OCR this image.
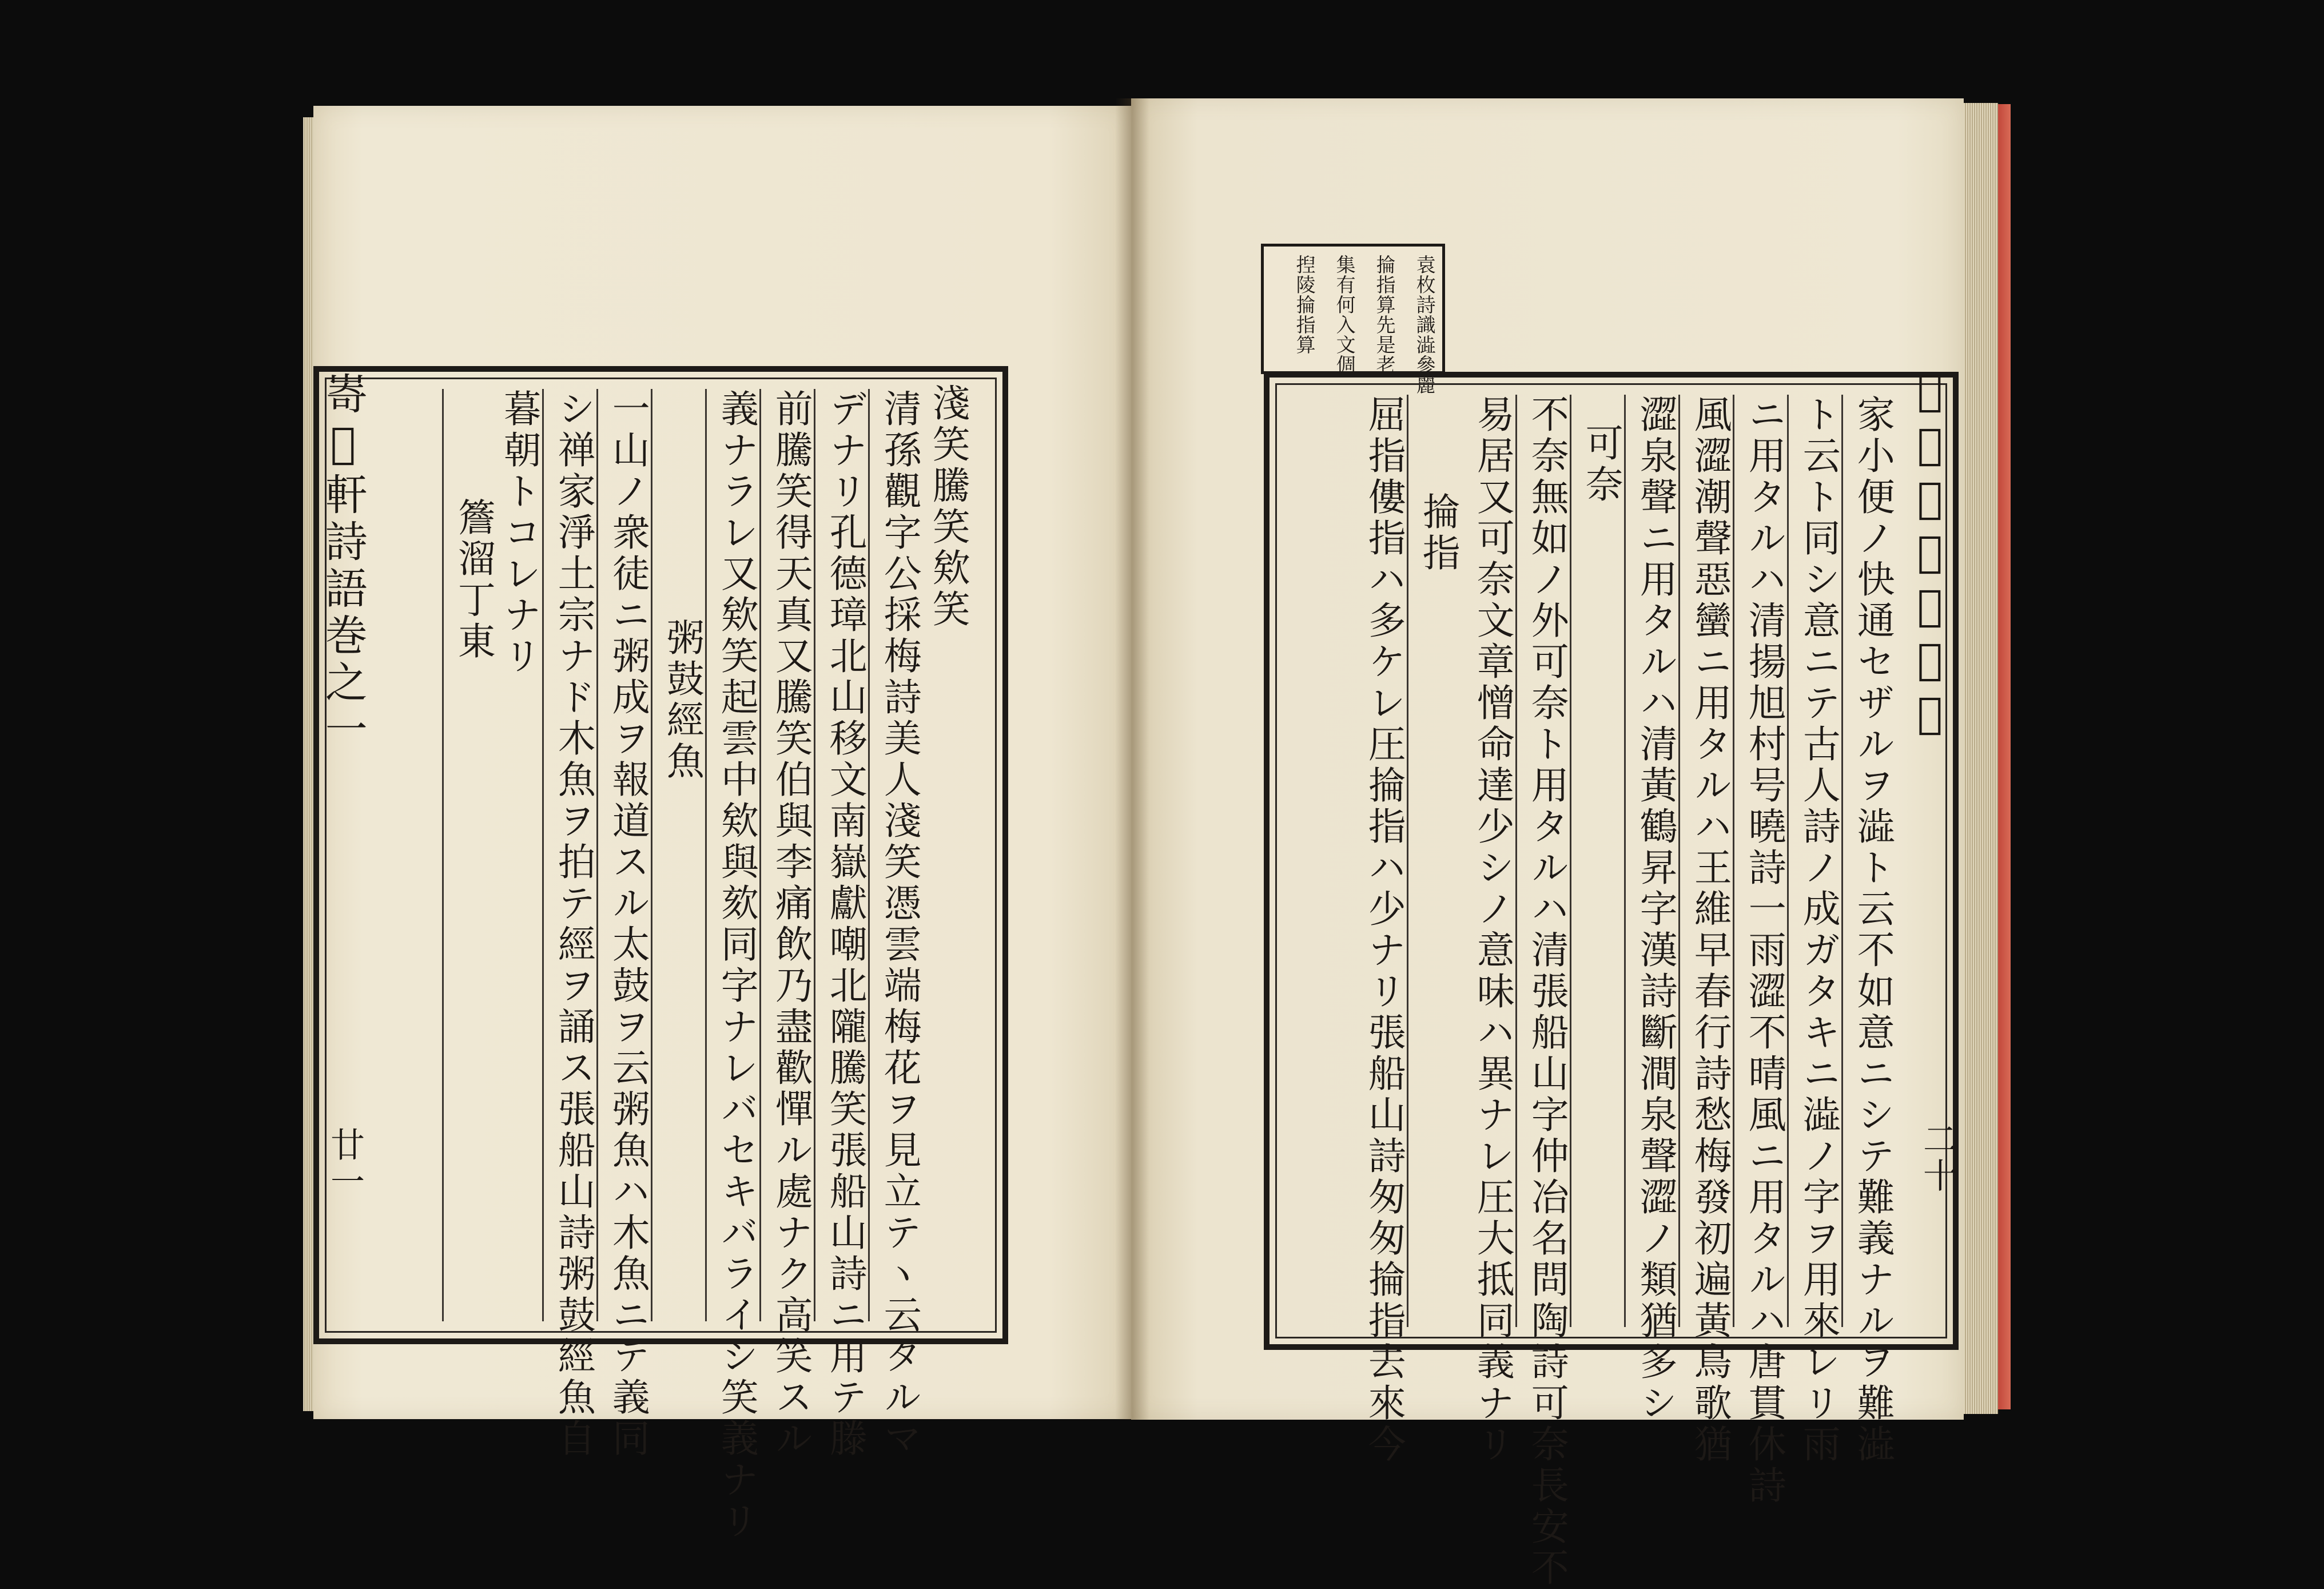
淺笑騰笑欸笑
清孫觀字公採梅詩美人淺笑憑雲端梅花ヲ見立テヽ云タルマ
デナリ孔德璋北山移文南嶽獻嘲北隴騰笑張船山詩ニ用テ滕
前騰笑得天真又騰笑伯與李痛飲乃盡歡憚ル處ナク高笑スル
義ナラレ又欸笑起雲中欸與欬同字ナレバセキバライシ笑義ナリ
粥鼓經魚
一山ノ衆徒ニ粥成ヲ報道スル太鼓ヲ云粥魚ハ木魚ニテ義同
シ禅家淨土宗ナド木魚ヲ拍テ經ヲ誦ス張船山詩粥鼓經魚自
暮朝トコレナリ
簷溜丁東
㟢𡗅軒詩語巻之一
廿一
袁枚詩識澁參麗
掄指算先是老
集有何入文倜
揑陵掄指算
家小便ノ快通セザルヲ澁ト云不如意ニシテ難義ナルヲ難澁
ト云ト同シ意ニテ古人詩ノ成ガタキニ澁ノ字ヲ用來レリ雨
ニ用タルハ清揚旭村号曉詩一雨澀不晴風ニ用タルハ唐貫休詩
風澀潮聲惡蠻ニ用タルハ王維早春行詩愁梅發初遍黃鳥歌猶
澀泉聲ニ用タルハ清黃鶴昇字漢詩斷澗泉聲澀ノ類猶多シ
可奈
不奈無如ノ外可奈ト用タルハ清張船山字仲冶名問陶詩可奈長安不
易居又可奈文章憎命達少シノ意味ハ異ナレ圧大抵同義ナリ
掄指
屈指僂指ハ多ケレ圧掄指ハ少ナリ張船山詩匆匆掄指去來今	𡗅軒詩語巻之一
二十
